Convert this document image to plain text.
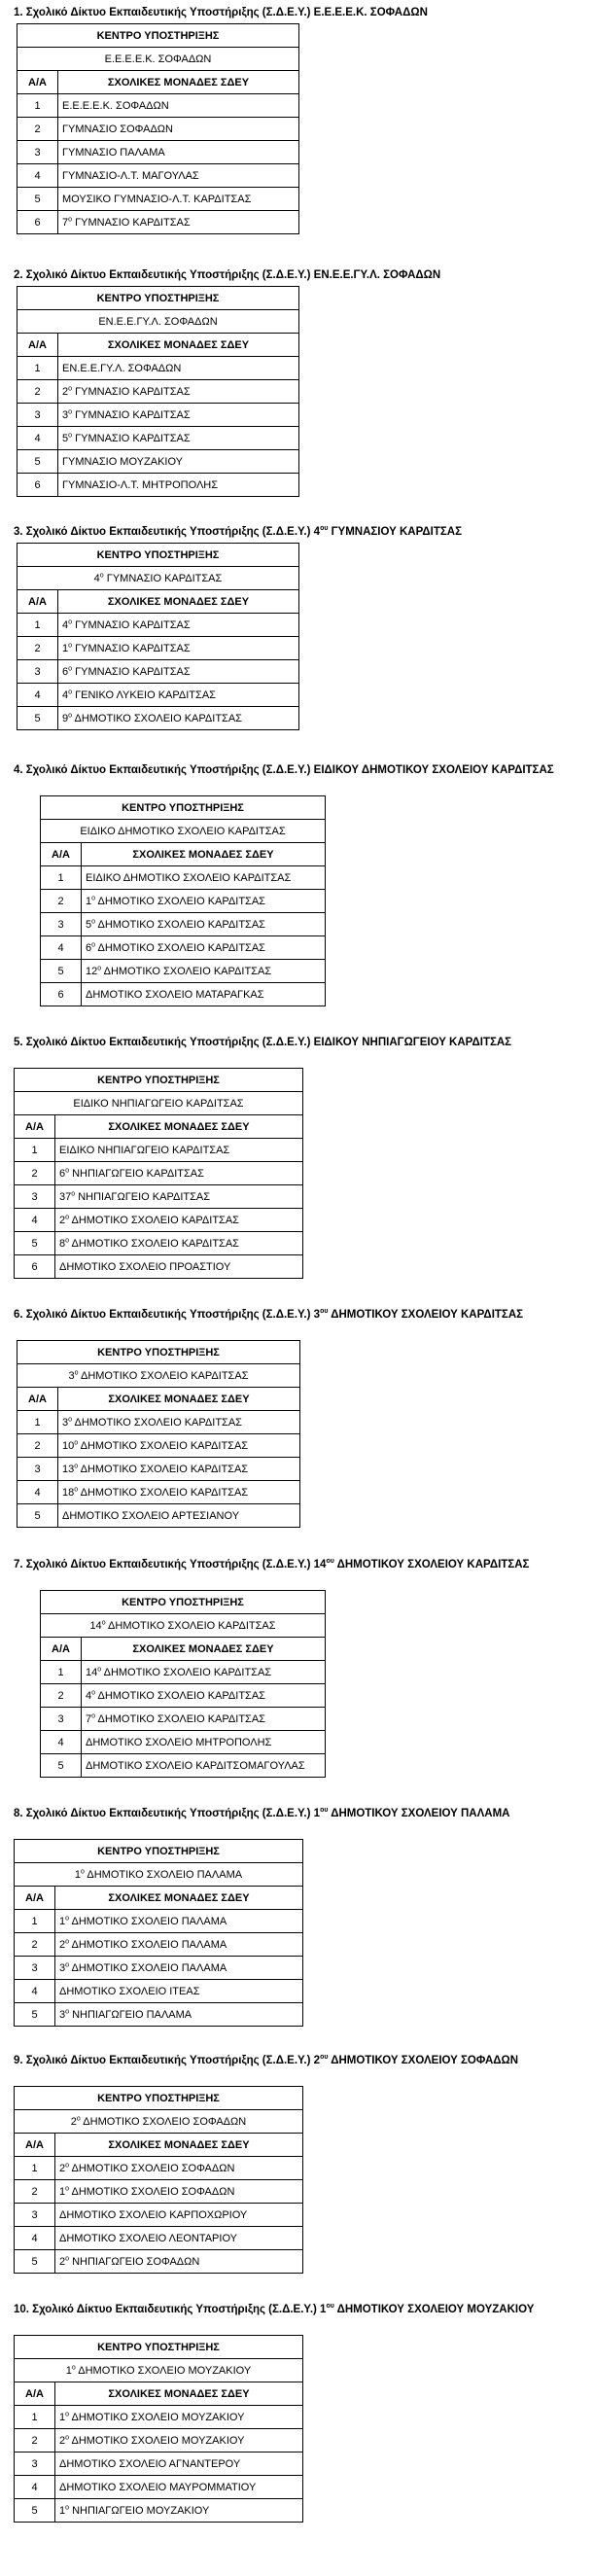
1. Σχολικό Δίκτυο Εκπαιδευτικής Υποστήριξης (Σ.Δ.Ε.Υ.) Ε.Ε.Ε.Ε.Κ. ΣΟΦΑΔΩΝ
ΚΕΝΤΡΟ ΥΠΟΣΤΗΡΙΞΗΣ	
Ε.Ε.Ε.Ε.Κ. ΣΟΦΑΔΩΝ	
Α/Α	ΣΧΟΛΙΚΕΣ ΜΟΝΑΔΕΣ ΣΔΕΥ
1	Ε.Ε.Ε.Ε.Κ. ΣΟΦΑΔΩΝ
2	ΓΥΜΝΑΣΙΟ ΣΟΦΑΔΩΝ
3	ΓΥΜΝΑΣΙΟ ΠΑΛΑΜΑ
4	ΓΥΜΝΑΣΙΟ-Λ.Τ. ΜΑΓΟΥΛΑΣ
5	ΜΟΥΣΙΚΟ ΓΥΜΝΑΣΙΟ-Λ.Τ. ΚΑΡΔΙΤΣΑΣ
6	$7^o$ ΓΥΜΝΑΣΙΟ ΚΑΡΔΙΤΣΑΣ
2. Σχολικό Δίκτυο Εκπαιδευτικής Υποστήριξης (Σ.Δ.Ε.Υ.) ΕΝ.Ε.Ε.ΓΥ.Λ. ΣΟΦΑΔΩΝ
ΚΕΝΤΡΟ ΥΠΟΣΤΗΡΙΞΗΣ	
ΕΝ.Ε.Ε.ΓΥ.Λ. ΣΟΦΑΔΩΝ	
Α/Α	ΣΧΟΛΙΚΕΣ ΜΟΝΑΔΕΣ ΣΔΕΥ
1	ΕΝ.Ε.Ε.ΓΥ.Λ. ΣΟΦΑΔΩΝ
2	$2^o$ ΓΥΜΝΑΣΙΟ ΚΑΡΔΙΤΣΑΣ
3	$3^o$ ΓΥΜΝΑΣΙΟ ΚΑΡΔΙΤΣΑΣ
4	$5^o$ ΓΥΜΝΑΣΙΟ ΚΑΡΔΙΤΣΑΣ
5	ΓΥΜΝΑΣΙΟ ΜΟΥΖΑΚΙΟΥ
6	ΓΥΜΝΑΣΙΟ-Λ.Τ. ΜΗΤΡΟΠΟΛΗΣ
3. Σχολικό Δίκτυο Εκπαιδευτικής Υποστήριξης (Σ.Δ.Ε.Υ.) $4^{o\upsilon}$ ΓΥΜΝΑΣΙΟΥ ΚΑΡΔΙΤΣΑΣ
ΚΕΝΤΡΟ ΥΠΟΣΤΗΡΙΞΗΣ	
$4^o$ ΓΥΜΝΑΣΙΟ ΚΑΡΔΙΤΣΑΣ	
Α/Α	ΣΧΟΛΙΚΕΣ ΜΟΝΑΔΕΣ ΣΔΕΥ
1	$4^o$ ΓΥΜΝΑΣΙΟ ΚΑΡΔΙΤΣΑΣ
2	$1^o$ ΓΥΜΝΑΣΙΟ ΚΑΡΔΙΤΣΑΣ
3	$6^o$ ΓΥΜΝΑΣΙΟ ΚΑΡΔΙΤΣΑΣ
4	$4^o$ ΓΕΝΙΚΟ ΛΥΚΕΙΟ ΚΑΡΔΙΤΣΑΣ
5	$9^o$ ΔΗΜΟΤΙΚΟ ΣΧΟΛΕΙΟ ΚΑΡΔΙΤΣΑΣ
4. Σχολικό Δίκτυο Εκπαιδευτικής Υποστήριξης (Σ.Δ.Ε.Υ.) ΕΙΔΙΚΟΥ ΔΗΜΟΤΙΚΟΥ ΣΧΟΛΕΙΟΥ ΚΑΡΔΙΤΣΑΣ
ΚΕΝΤΡΟ ΥΠΟΣΤΗΡΙΞΗΣ	
ΕΙΔΙΚΟ ΔΗΜΟΤΙΚΟ ΣΧΟΛΕΙΟ ΚΑΡΔΙΤΣΑΣ	
Α/Α	ΣΧΟΛΙΚΕΣ ΜΟΝΑΔΕΣ ΣΔΕΥ
1	ΕΙΔΙΚΟ ΔΗΜΟΤΙΚΟ ΣΧΟΛΕΙΟ ΚΑΡΔΙΤΣΑΣ
2	$1^o$ ΔΗΜΟΤΙΚΟ ΣΧΟΛΕΙΟ ΚΑΡΔΙΤΣΑΣ
3	$5^o$ ΔΗΜΟΤΙΚΟ ΣΧΟΛΕΙΟ ΚΑΡΔΙΤΣΑΣ
4	$6^o$ ΔΗΜΟΤΙΚΟ ΣΧΟΛΕΙΟ ΚΑΡΔΙΤΣΑΣ
5	$12^o$ ΔΗΜΟΤΙΚΟ ΣΧΟΛΕΙΟ ΚΑΡΔΙΤΣΑΣ
6	ΔΗΜΟΤΙΚΟ ΣΧΟΛΕΙΟ ΜΑΤΑΡΑΓΚΑΣ
5. Σχολικό Δίκτυο Εκπαιδευτικής Υποστήριξης (Σ.Δ.Ε.Υ.) ΕΙΔΙΚΟΥ ΝΗΠΙΑΓΩΓΕΙΟΥ ΚΑΡΔΙΤΣΑΣ
ΚΕΝΤΡΟ ΥΠΟΣΤΗΡΙΞΗΣ	
ΕΙΔΙΚΟ ΝΗΠΙΑΓΩΓΕΙΟ ΚΑΡΔΙΤΣΑΣ	
Α/Α	ΣΧΟΛΙΚΕΣ ΜΟΝΑΔΕΣ ΣΔΕΥ
1	ΕΙΔΙΚΟ ΝΗΠΙΑΓΩΓΕΙΟ ΚΑΡΔΙΤΣΑΣ
2	$6^o$ ΝΗΠΙΑΓΩΓΕΙΟ ΚΑΡΔΙΤΣΑΣ
3	$37^o$ ΝΗΠΙΑΓΩΓΕΙΟ ΚΑΡΔΙΤΣΑΣ
4	$2^o$ ΔΗΜΟΤΙΚΟ ΣΧΟΛΕΙΟ ΚΑΡΔΙΤΣΑΣ
5	$8^o$ ΔΗΜΟΤΙΚΟ ΣΧΟΛΕΙΟ ΚΑΡΔΙΤΣΑΣ
6	ΔΗΜΟΤΙΚΟ ΣΧΟΛΕΙΟ ΠΡΟΑΣΤΙΟΥ
6. Σχολικό Δίκτυο Εκπαιδευτικής Υποστήριξης (Σ.Δ.Ε.Υ.) $3^{o\upsilon}$ ΔΗΜΟΤΙΚΟΥ ΣΧΟΛΕΙΟΥ ΚΑΡΔΙΤΣΑΣ
ΚΕΝΤΡΟ ΥΠΟΣΤΗΡΙΞΗΣ	
$3^o$ ΔΗΜΟΤΙΚΟ ΣΧΟΛΕΙΟ ΚΑΡΔΙΤΣΑΣ	
Α/Α	ΣΧΟΛΙΚΕΣ ΜΟΝΑΔΕΣ ΣΔΕΥ
1	$3^o$ ΔΗΜΟΤΙΚΟ ΣΧΟΛΕΙΟ ΚΑΡΔΙΤΣΑΣ
2	$10^o$ ΔΗΜΟΤΙΚΟ ΣΧΟΛΕΙΟ ΚΑΡΔΙΤΣΑΣ
3	$13^o$ ΔΗΜΟΤΙΚΟ ΣΧΟΛΕΙΟ ΚΑΡΔΙΤΣΑΣ
4	$18^o$ ΔΗΜΟΤΙΚΟ ΣΧΟΛΕΙΟ ΚΑΡΔΙΤΣΑΣ
5	ΔΗΜΟΤΙΚΟ ΣΧΟΛΕΙΟ ΑΡΤΕΣΙΑΝΟΥ
7. Σχολικό Δίκτυο Εκπαιδευτικής Υποστήριξης (Σ.Δ.Ε.Υ.) $14^{o\upsilon}$ ΔΗΜΟΤΙΚΟΥ ΣΧΟΛΕΙΟΥ ΚΑΡΔΙΤΣΑΣ
ΚΕΝΤΡΟ ΥΠΟΣΤΗΡΙΞΗΣ	
$14^o$ ΔΗΜΟΤΙΚΟ ΣΧΟΛΕΙΟ ΚΑΡΔΙΤΣΑΣ	
Α/Α	ΣΧΟΛΙΚΕΣ ΜΟΝΑΔΕΣ ΣΔΕΥ
1	$14^o$ ΔΗΜΟΤΙΚΟ ΣΧΟΛΕΙΟ ΚΑΡΔΙΤΣΑΣ
2	$4^o$ ΔΗΜΟΤΙΚΟ ΣΧΟΛΕΙΟ ΚΑΡΔΙΤΣΑΣ
3	$7^o$ ΔΗΜΟΤΙΚΟ ΣΧΟΛΕΙΟ ΚΑΡΔΙΤΣΑΣ
4	ΔΗΜΟΤΙΚΟ ΣΧΟΛΕΙΟ ΜΗΤΡΟΠΟΛΗΣ
5	ΔΗΜΟΤΙΚΟ ΣΧΟΛΕΙΟ ΚΑΡΔΙΤΣΟΜΑΓΟΥΛΑΣ
8. Σχολικό Δίκτυο Εκπαιδευτικής Υποστήριξης (Σ.Δ.Ε.Υ.) $1^{o\upsilon}$ ΔΗΜΟΤΙΚΟΥ ΣΧΟΛΕΙΟΥ ΠΑΛΑΜΑ
ΚΕΝΤΡΟ ΥΠΟΣΤΗΡΙΞΗΣ	
$1^o$ ΔΗΜΟΤΙΚΟ ΣΧΟΛΕΙΟ ΠΑΛΑΜΑ	
Α/Α	ΣΧΟΛΙΚΕΣ ΜΟΝΑΔΕΣ ΣΔΕΥ
1	$1^o$ ΔΗΜΟΤΙΚΟ ΣΧΟΛΕΙΟ ΠΑΛΑΜΑ
2	$2^o$ ΔΗΜΟΤΙΚΟ ΣΧΟΛΕΙΟ ΠΑΛΑΜΑ
3	$3^o$ ΔΗΜΟΤΙΚΟ ΣΧΟΛΕΙΟ ΠΑΛΑΜΑ
4	ΔΗΜΟΤΙΚΟ ΣΧΟΛΕΙΟ ΙΤΕΑΣ
5	$3^o$ ΝΗΠΙΑΓΩΓΕΙΟ ΠΑΛΑΜΑ
9. Σχολικό Δίκτυο Εκπαιδευτικής Υποστήριξης (Σ.Δ.Ε.Υ.) $2^{o\upsilon}$ ΔΗΜΟΤΙΚΟΥ ΣΧΟΛΕΙΟΥ ΣΟΦΑΔΩΝ
ΚΕΝΤΡΟ ΥΠΟΣΤΗΡΙΞΗΣ	
$2^o$ ΔΗΜΟΤΙΚΟ ΣΧΟΛΕΙΟ ΣΟΦΑΔΩΝ	
Α/Α	ΣΧΟΛΙΚΕΣ ΜΟΝΑΔΕΣ ΣΔΕΥ
1	$2^o$ ΔΗΜΟΤΙΚΟ ΣΧΟΛΕΙΟ ΣΟΦΑΔΩΝ
2	$1^o$ ΔΗΜΟΤΙΚΟ ΣΧΟΛΕΙΟ ΣΟΦΑΔΩΝ
3	ΔΗΜΟΤΙΚΟ ΣΧΟΛΕΙΟ ΚΑΡΠΟΧΩΡΙΟΥ
4	ΔΗΜΟΤΙΚΟ ΣΧΟΛΕΙΟ ΛΕΟΝΤΑΡΙΟΥ
5	$2^o$ ΝΗΠΙΑΓΩΓΕΙΟ ΣΟΦΑΔΩΝ
10. Σχολικό Δίκτυο Εκπαιδευτικής Υποστήριξης (Σ.Δ.Ε.Υ.) $1^{o\upsilon}$ ΔΗΜΟΤΙΚΟΥ ΣΧΟΛΕΙΟΥ ΜΟΥΖΑΚΙΟΥ
ΚΕΝΤΡΟ ΥΠΟΣΤΗΡΙΞΗΣ	
$1^o$ ΔΗΜΟΤΙΚΟ ΣΧΟΛΕΙΟ ΜΟΥΖΑΚΙΟΥ	
Α/Α	ΣΧΟΛΙΚΕΣ ΜΟΝΑΔΕΣ ΣΔΕΥ
1	$1^o$ ΔΗΜΟΤΙΚΟ ΣΧΟΛΕΙΟ ΜΟΥΖΑΚΙΟΥ
2	$2^o$ ΔΗΜΟΤΙΚΟ ΣΧΟΛΕΙΟ ΜΟΥΖΑΚΙΟΥ
3	ΔΗΜΟΤΙΚΟ ΣΧΟΛΕΙΟ ΑΓΝΑΝΤΕΡΟΥ
4	ΔΗΜΟΤΙΚΟ ΣΧΟΛΕΙΟ ΜΑΥΡΟΜΜΑΤΙΟΥ
5	$1^o$ ΝΗΠΙΑΓΩΓΕΙΟ ΜΟΥΖΑΚΙΟΥ
